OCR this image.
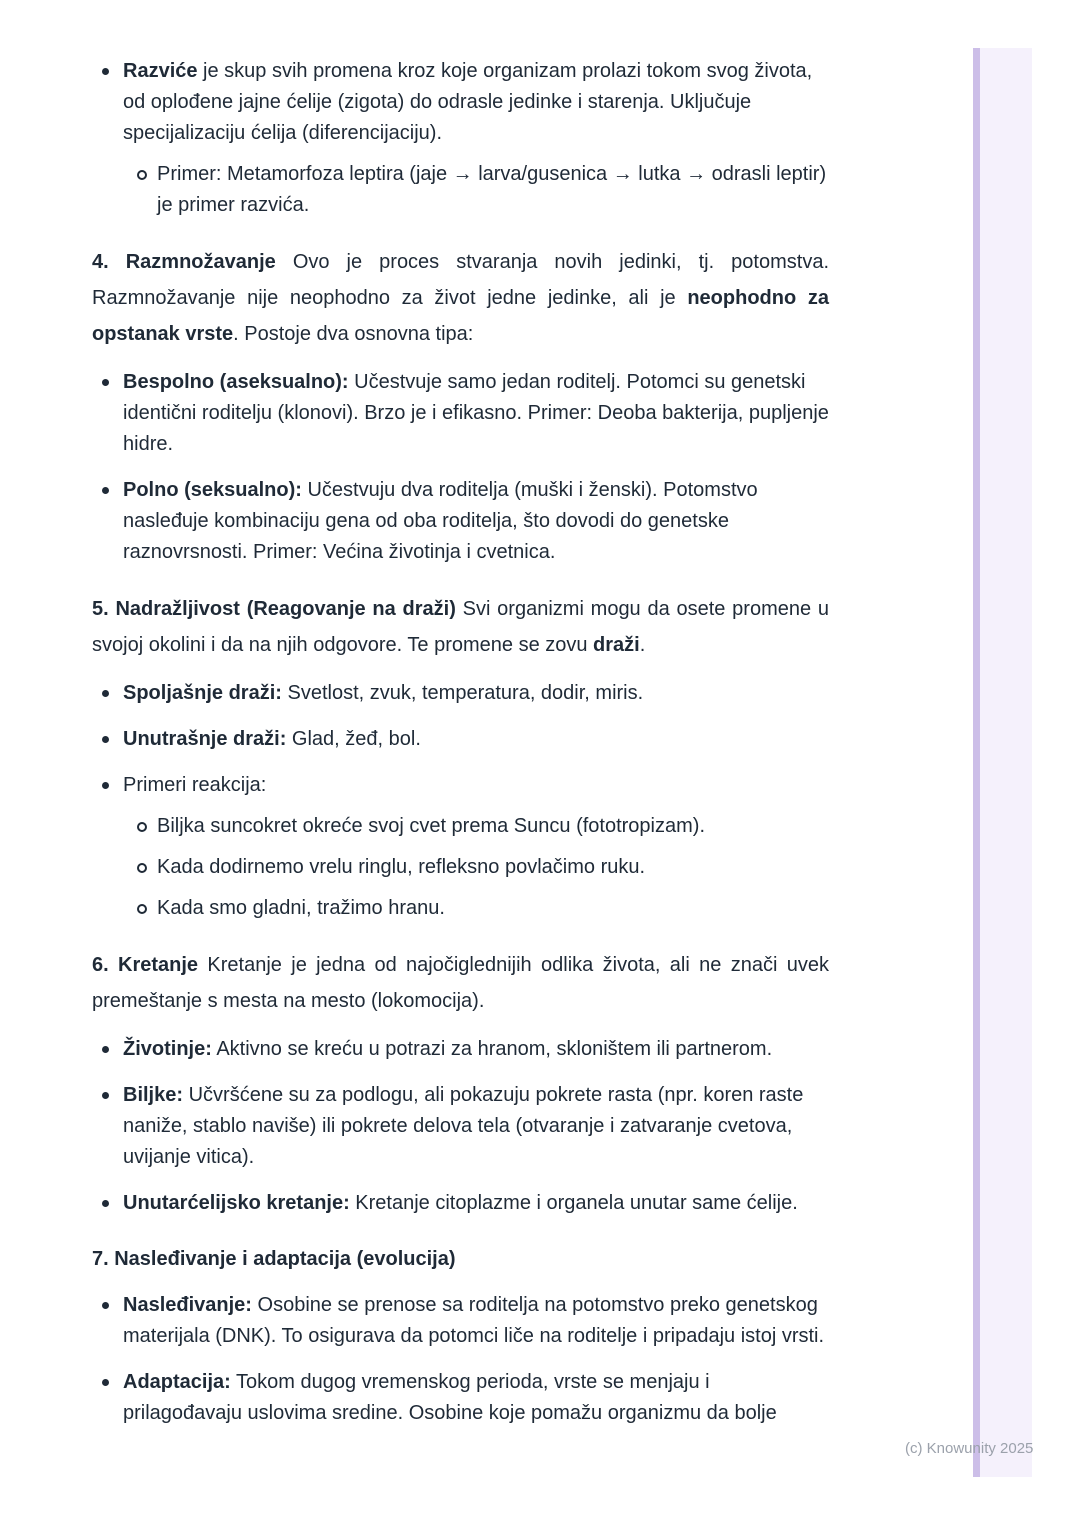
Razviće je skup svih promena kroz koje organizam prolazi tokom svog života, od oplođene jajne ćelije (zigota) do odrasle jedinke i starenja. Uključuje specijalizaciju ćelija (diferencijaciju).
Primer: Metamorfoza leptira (jaje → larva/gusenica → lutka → odrasli leptir) je primer razvića.
4. Razmnožavanje Ovo je proces stvaranja novih jedinki, tj. potomstva. Razmnožavanje nije neophodno za život jedne jedinke, ali je neophodno za opstanak vrste. Postoje dva osnovna tipa:
Bespolno (aseksualno): Učestvuje samo jedan roditelj. Potomci su genetski identični roditelju (klonovi). Brzo je i efikasno. Primer: Deoba bakterija, pupljenje hidre.
Polno (seksualno): Učestvuju dva roditelja (muški i ženski). Potomstvo nasleđuje kombinaciju gena od oba roditelja, što dovodi do genetske raznovrsnosti. Primer: Većina životinja i cvetnica.
5. Nadražljivost (Reagovanje na draži) Svi organizmi mogu da osete promene u svojoj okolini i da na njih odgovore. Te promene se zovu draži.
Spoljašnje draži: Svetlost, zvuk, temperatura, dodir, miris.
Unutrašnje draži: Glad, žeđ, bol.
Primeri reakcija:
Biljka suncokret okreće svoj cvet prema Suncu (fototropizam).
Kada dodirnemo vrelu ringlu, refleksno povlačimo ruku.
Kada smo gladni, tražimo hranu.
6. Kretanje Kretanje je jedna od najočiglednijih odlika života, ali ne znači uvek premeštanje s mesta na mesto (lokomocija).
Životinje: Aktivno se kreću u potrazi za hranom, skloništem ili partnerom.
Biljke: Učvršćene su za podlogu, ali pokazuju pokrete rasta (npr. koren raste naniže, stablo naviše) ili pokrete delova tela (otvaranje i zatvaranje cvetova, uvijanje vitica).
Unutarćelijsko kretanje: Kretanje citoplazme i organela unutar same ćelije.
7. Nasleđivanje i adaptacija (evolucija)
Nasleđivanje: Osobine se prenose sa roditelja na potomstvo preko genetskog materijala (DNK). To osigurava da potomci liče na roditelje i pripadaju istoj vrsti.
Adaptacija: Tokom dugog vremenskog perioda, vrste se menjaju i prilagođavaju uslovima sredine. Osobine koje pomažu organizmu da bolje
(c) Knowunity 2025
